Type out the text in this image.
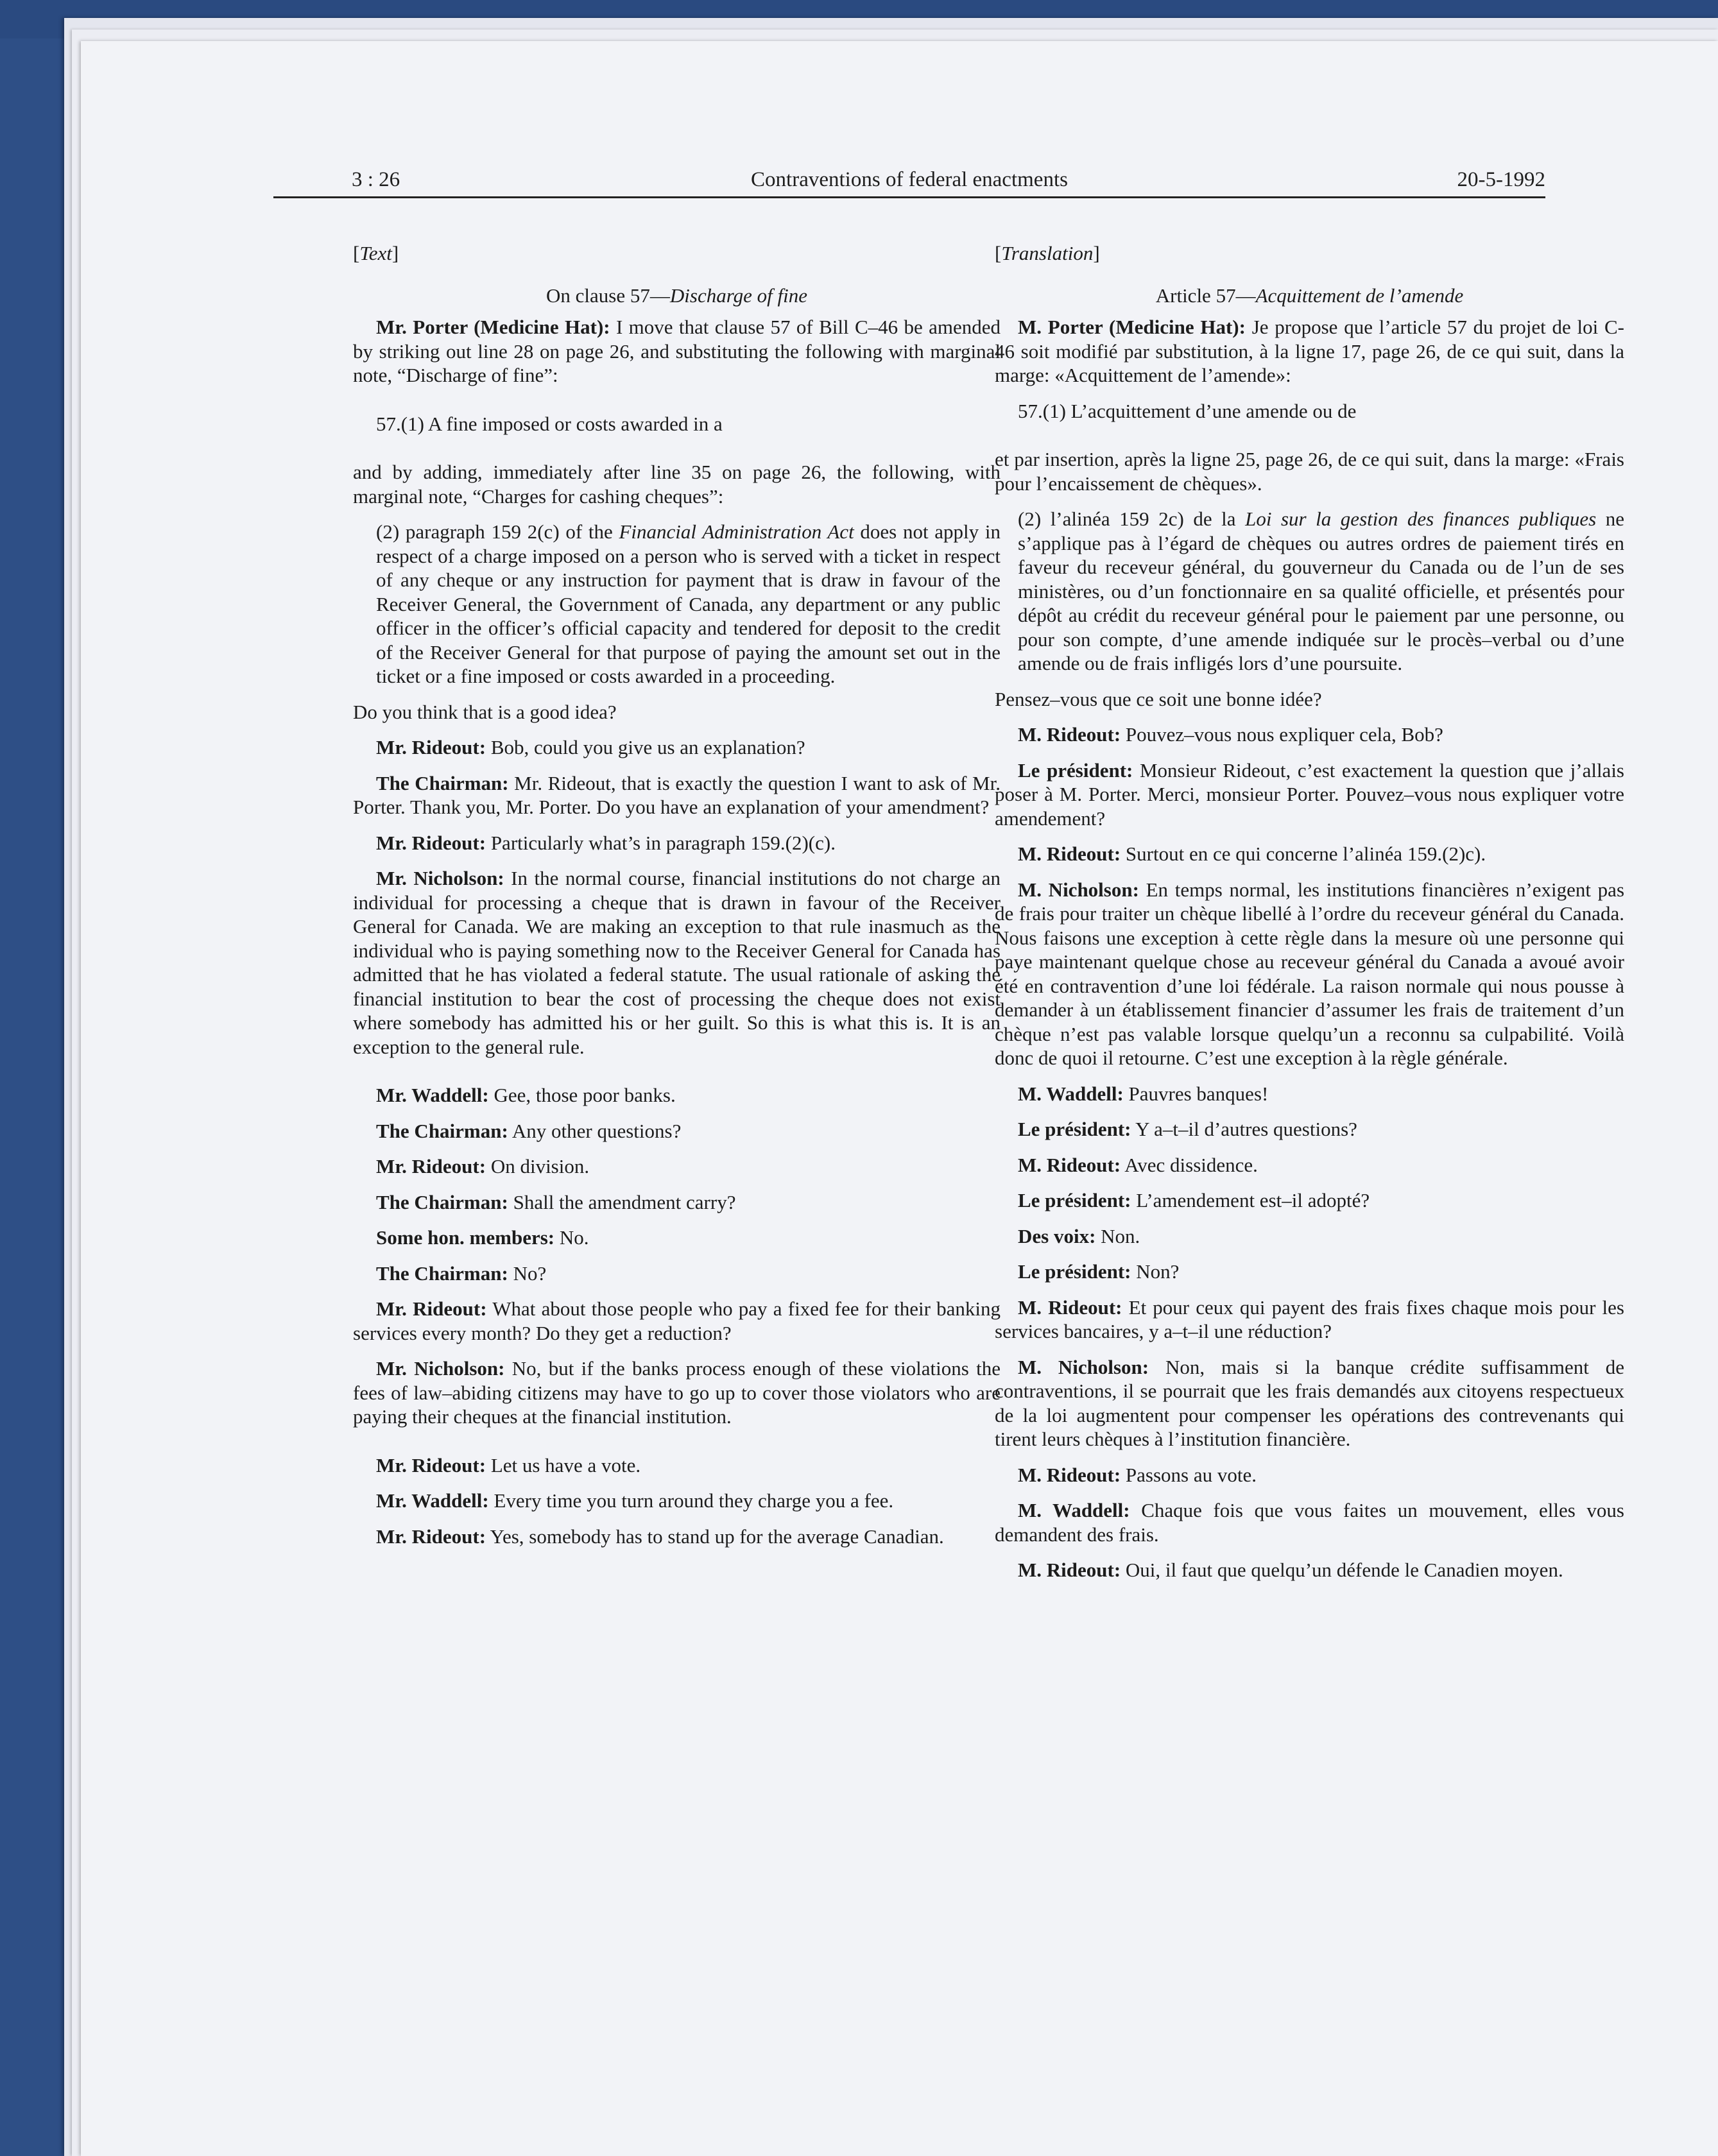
3 : 26	Contraventions of federal enactments	20-5-1992

[Text]

On clause 57—Discharge of fine

Mr. Porter (Medicine Hat): I move that clause 57 of Bill C–46 be amended by striking out line 28 on page 26, and substituting the following with marginal note, “Discharge of fine”:

57.(1) A fine imposed or costs awarded in a

and by adding, immediately after line 35 on page 26, the following, with marginal note, “Charges for cashing cheques”:

(2) paragraph 159 2(c) of the Financial Administration Act does not apply in respect of a charge imposed on a person who is served with a ticket in respect of any cheque or any instruction for payment that is draw in favour of the Receiver General, the Government of Canada, any department or any public officer in the officer’s official capacity and tendered for deposit to the credit of the Receiver General for that purpose of paying the amount set out in the ticket or a fine imposed or costs awarded in a proceeding.

Do you think that is a good idea?

Mr. Rideout: Bob, could you give us an explanation?

The Chairman: Mr. Rideout, that is exactly the question I want to ask of Mr. Porter. Thank you, Mr. Porter. Do you have an explanation of your amendment?

Mr. Rideout: Particularly what’s in paragraph 159.(2)(c).

Mr. Nicholson: In the normal course, financial institutions do not charge an individual for processing a cheque that is drawn in favour of the Receiver General for Canada. We are making an exception to that rule inasmuch as the individual who is paying something now to the Receiver General for Canada has admitted that he has violated a federal statute. The usual rationale of asking the financial institution to bear the cost of processing the cheque does not exist where somebody has admitted his or her guilt. So this is what this is. It is an exception to the general rule.

Mr. Waddell: Gee, those poor banks.

The Chairman: Any other questions?

Mr. Rideout: On division.

The Chairman: Shall the amendment carry?

Some hon. members: No.

The Chairman: No?

Mr. Rideout: What about those people who pay a fixed fee for their banking services every month? Do they get a reduction?

Mr. Nicholson: No, but if the banks process enough of these violations the fees of law–abiding citizens may have to go up to cover those violators who are paying their cheques at the financial institution.

Mr. Rideout: Let us have a vote.

Mr. Waddell: Every time you turn around they charge you a fee.

Mr. Rideout: Yes, somebody has to stand up for the average Canadian.

[Translation]

Article 57—Acquittement de l’amende

M. Porter (Medicine Hat): Je propose que l’article 57 du projet de loi C-46 soit modifié par substitution, à la ligne 17, page 26, de ce qui suit, dans la marge: «Acquittement de l’amende»:

57.(1) L’acquittement d’une amende ou de

et par insertion, après la ligne 25, page 26, de ce qui suit, dans la marge: «Frais pour l’encaissement de chèques».

(2) l’alinéa 159 2c) de la Loi sur la gestion des finances publiques ne s’applique pas à l’égard de chèques ou autres ordres de paiement tirés en faveur du receveur général, du gouverneur du Canada ou de l’un de ses ministères, ou d’un fonctionnaire en sa qualité officielle, et présentés pour dépôt au crédit du receveur général pour le paiement par une personne, ou pour son compte, d’une amende indiquée sur le procès–verbal ou d’une amende ou de frais infligés lors d’une poursuite.

Pensez–vous que ce soit une bonne idée?

M. Rideout: Pouvez–vous nous expliquer cela, Bob?

Le président: Monsieur Rideout, c’est exactement la question que j’allais poser à M. Porter. Merci, monsieur Porter. Pouvez–vous nous expliquer votre amendement?

M. Rideout: Surtout en ce qui concerne l’alinéa 159.(2)c).

M. Nicholson: En temps normal, les institutions financières n’exigent pas de frais pour traiter un chèque libellé à l’ordre du receveur général du Canada. Nous faisons une exception à cette règle dans la mesure où une personne qui paye maintenant quelque chose au receveur général du Canada a avoué avoir été en contravention d’une loi fédérale. La raison normale qui nous pousse à demander à un établissement financier d’assumer les frais de traitement d’un chèque n’est pas valable lorsque quelqu’un a reconnu sa culpabilité. Voilà donc de quoi il retourne. C’est une exception à la règle générale.

M. Waddell: Pauvres banques!

Le président: Y a–t–il d’autres questions?

M. Rideout: Avec dissidence.

Le président: L’amendement est–il adopté?

Des voix: Non.

Le président: Non?

M. Rideout: Et pour ceux qui payent des frais fixes chaque mois pour les services bancaires, y a–t–il une réduction?

M. Nicholson: Non, mais si la banque crédite suffisamment de contraventions, il se pourrait que les frais demandés aux citoyens respectueux de la loi augmentent pour compenser les opérations des contrevenants qui tirent leurs chèques à l’institution financière.

M. Rideout: Passons au vote.

M. Waddell: Chaque fois que vous faites un mouvement, elles vous demandent des frais.

M. Rideout: Oui, il faut que quelqu’un défende le Canadien moyen.
